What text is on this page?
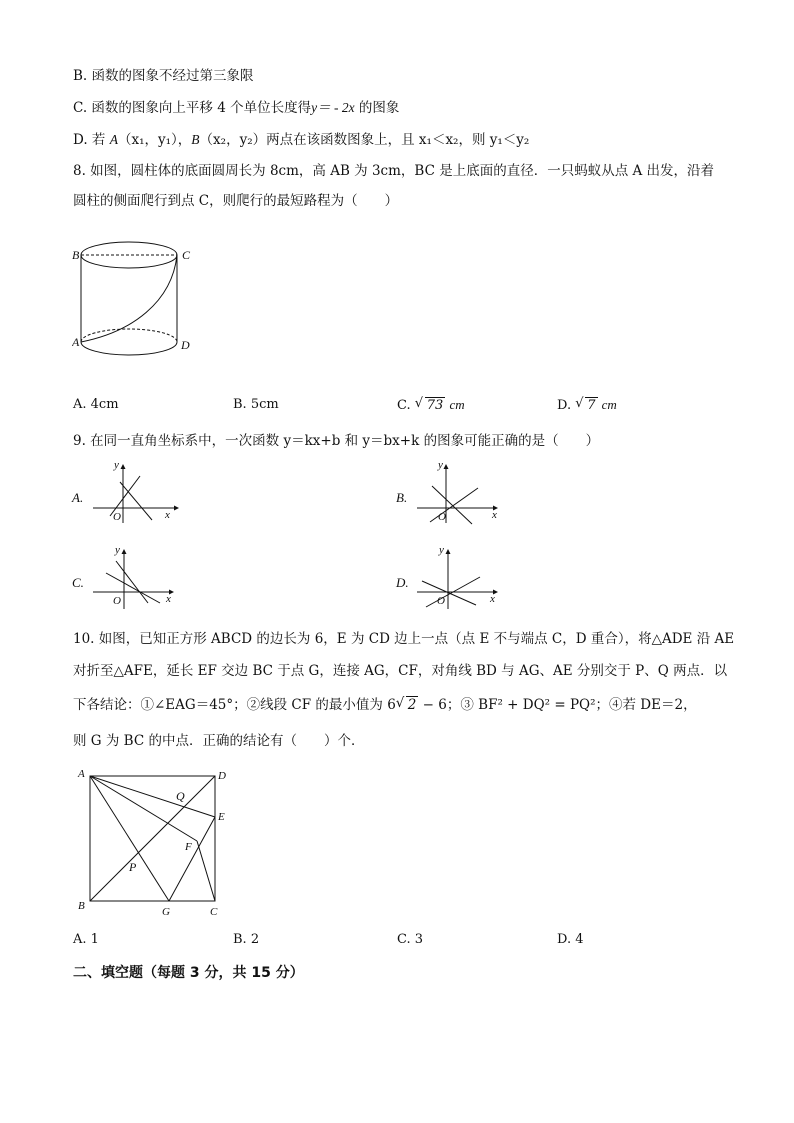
B. 函数的图象不经过第三象限
C. 函数的图象向上平移 4 个单位长度得y＝ - 2x 的图象
D. 若 A（x₁，y₁），B（x₂，y₂）两点在该函数图象上，且 x₁＜x₂，则 y₁＜y₂
8. 如图，圆柱体的底面圆周长为 8cm，高 AB 为 3cm，BC 是上底面的直径．一只蚂蚁从点 A 出发，沿着
圆柱的侧面爬行到点 C，则爬行的最短路程为（　　）
B	C
A	D
A. 4cm	B. 5cm	C. √ 73 cm	D. √ 7 cm
9. 在同一直角坐标系中，一次函数 y＝kx+b 和 y＝bx+k 的图象可能正确的是（　　）
A.
y
x
O
B.
y
x
O
C.
y
x
O
D.
y
x
O
10. 如图，已知正方形 ABCD 的边长为 6，E 为 CD 边上一点（点 E 不与端点 C，D 重合），将△ADE 沿 AE
对折至△AFE，延长 EF 交边 BC 于点 G，连接 AG，CF，对角线 BD 与 AG、AE 分别交于 P、Q 两点．以
下各结论：①∠EAG＝45°；②线段 CF 的最小值为 6 √ 2 − 6；③ BF² + DQ² = PQ²；④若 DE＝2，
则 G 为 BC 的中点．正确的结论有（　　）个．
A	D
Q
E
F
P
B	G	C
A. 1	B. 2	C. 3	D. 4
二、填空题（每题 3 分，共 15 分）
